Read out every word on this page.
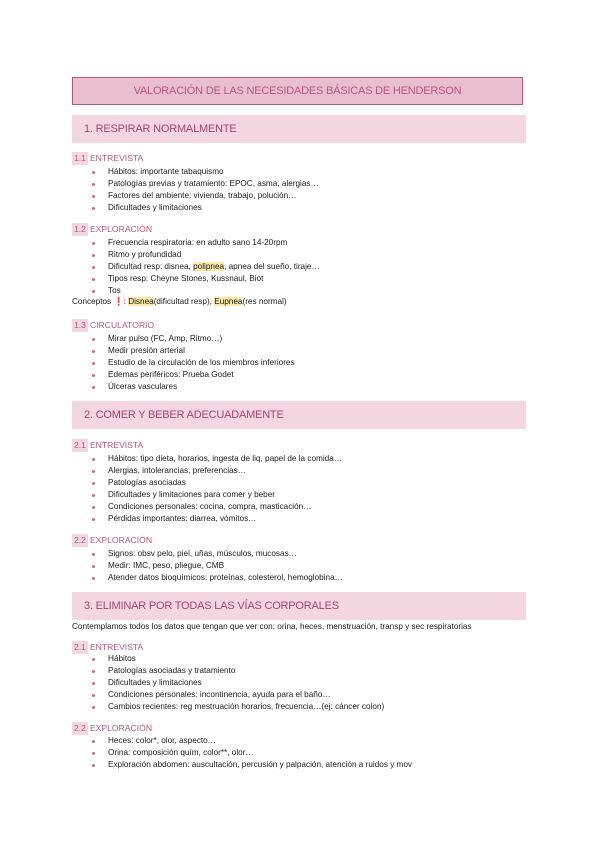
VALORACIÓN DE LAS NECESIDADES BÁSICAS DE HENDERSON
1. RESPIRAR NORMALMENTE
1.1 ENTREVISTA
Hábitos: importante tabaquismo
Patologías previas y tratamiento: EPOC, asma, alergias…
Factores del ambiente: vivienda, trabajo, polución…
Dificultades y limitaciones
1.2 EXPLORACIÓN
Frecuencia respiratoria: en adulto sano 14-20rpm
Ritmo y profundidad
Dificultad resp: disnea, polipnea, apnea del sueño, tiraje…
Tipos resp: Cheyne Stones, Kussnaul, Biot
Tos
Conceptos ❗: Disnea(dificultad resp), Eupnea(res normal)
1.3 CIRCULATORIO
Mirar pulso (FC, Amp, Ritmo…)
Medir presión arterial
Estudio de la circulación de los miembros inferiores
Edemas periféricos: Prueba Godet
Úlceras vasculares
2. COMER Y BEBER ADECUADAMENTE
2.1 ENTREVISTA
Hábitos: tipo dieta, horarios, ingesta de liq, papel de la comida…
Alergias, intolerancias, preferencias…
Patologías asociadas
Dificultades y limitaciones para comer y beber
Condiciones personales: cocina, compra, masticación…
Pérdidas importantes: diarrea, vómitos…
2.2 EXPLORACIÓN
Signos: obsv pelo, piel, uñas, músculos, mucosas…
Medir: IMC, peso, pliegue, CMB
Atender datos bioquímicos: proteínas, colesterol, hemoglobina…
3. ELIMINAR POR TODAS LAS VÍAS CORPORALES
Contemplamos todos los datos que tengan que ver con: orina, heces, menstruación, transp y sec respiratorias
2.1 ENTREVISTA
Hábitos
Patologías asociadas y tratamiento
Dificultades y limitaciones
Condiciones personales: incontinencia, ayuda para el baño…
Cambios recientes: reg mestruación horarios, frecuencia…(ej: cáncer colon)
2.2 EXPLORACIÓN
Heces: color*, olor, aspecto…
Orina: composición quím, color**, olor…
Exploración abdomen: auscultación, percusión y palpación, atención a ruidos y mov
